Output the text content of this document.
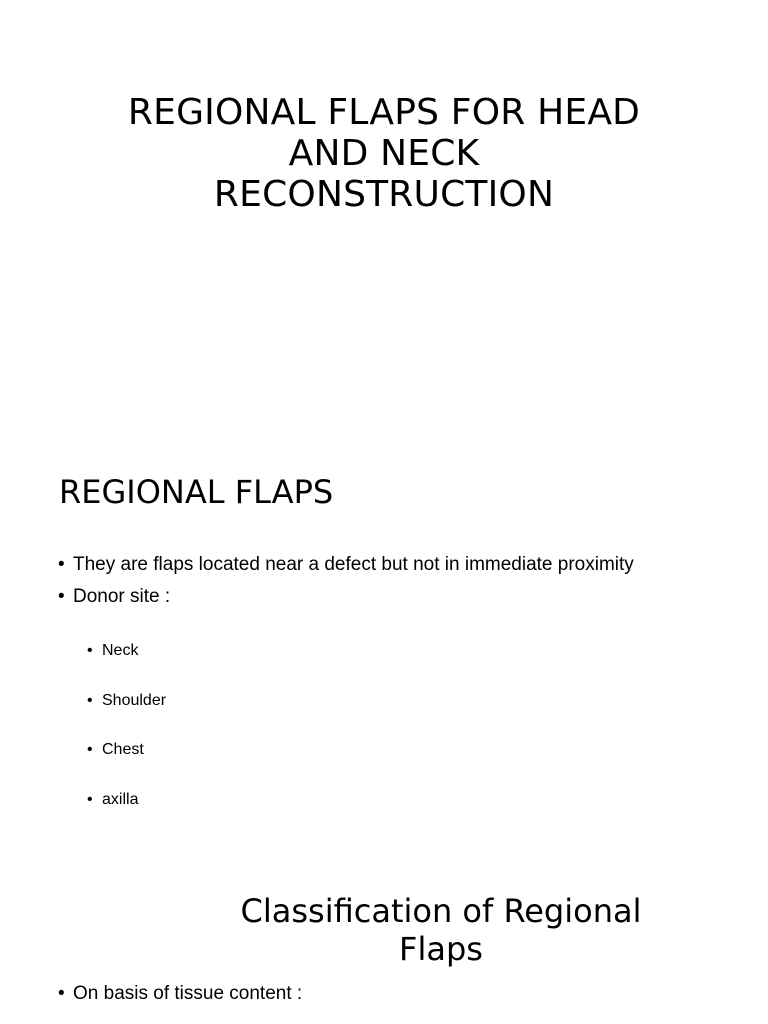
REGIONAL FLAPS FOR HEAD
AND NECK
RECONSTRUCTION
REGIONAL FLAPS
• They are flaps located near a defect but not in immediate proximity
• Donor site :
• Neck
• Shoulder
• Chest
• axilla
Classification of Regional
Flaps
• On basis of tissue content :
